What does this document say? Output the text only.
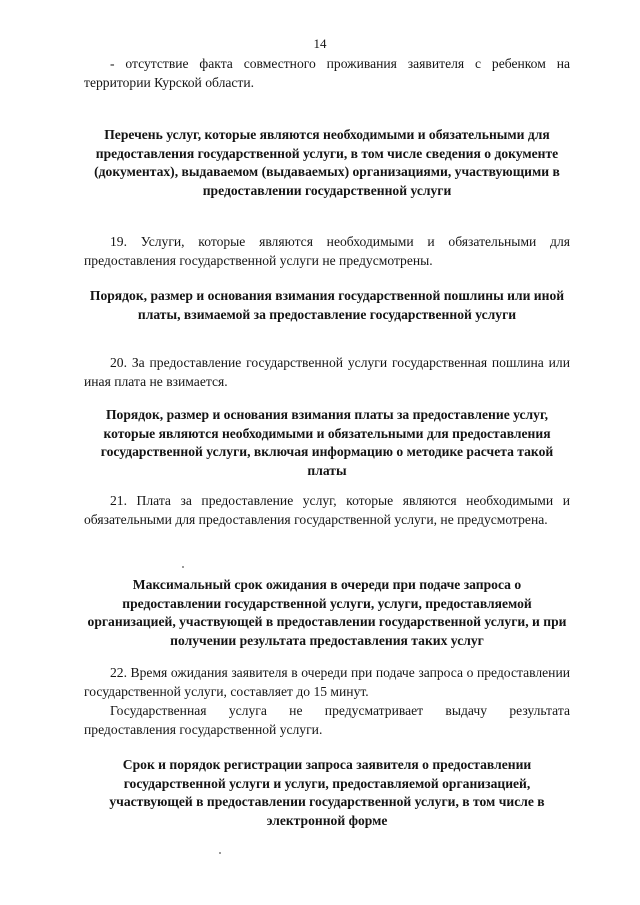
14

- отсутствие факта совместного проживания заявителя с ребенком на территории Курской области.

Перечень услуг, которые являются необходимыми и обязательными для предоставления государственной услуги, в том числе сведения о документе (документах), выдаваемом (выдаваемых) организациями, участвующими в предоставлении государственной услуги

19. Услуги, которые являются необходимыми и обязательными для предоставления государственной услуги не предусмотрены.

Порядок, размер и основания взимания государственной пошлины или иной платы, взимаемой за предоставление государственной услуги

20. За предоставление государственной услуги государственная пошлина или иная плата не взимается.

Порядок, размер и основания взимания платы за предоставление услуг, которые являются необходимыми и обязательными для предоставления государственной услуги, включая информацию о методике расчета такой платы

21. Плата за предоставление услуг, которые являются необходимыми и обязательными для предоставления государственной услуги, не предусмотрена.

Максимальный срок ожидания в очереди при подаче запроса о предоставлении государственной услуги, услуги, предоставляемой организацией, участвующей в предоставлении государственной услуги, и при получении результата предоставления таких услуг

22. Время ожидания заявителя в очереди при подаче запроса о предоставлении государственной услуги, составляет до 15 минут.

Государственная услуга не предусматривает выдачу результата предоставления государственной услуги.

Срок и порядок регистрации запроса заявителя о предоставлении государственной услуги и услуги, предоставляемой организацией, участвующей в предоставлении государственной услуги, в том числе в электронной форме
